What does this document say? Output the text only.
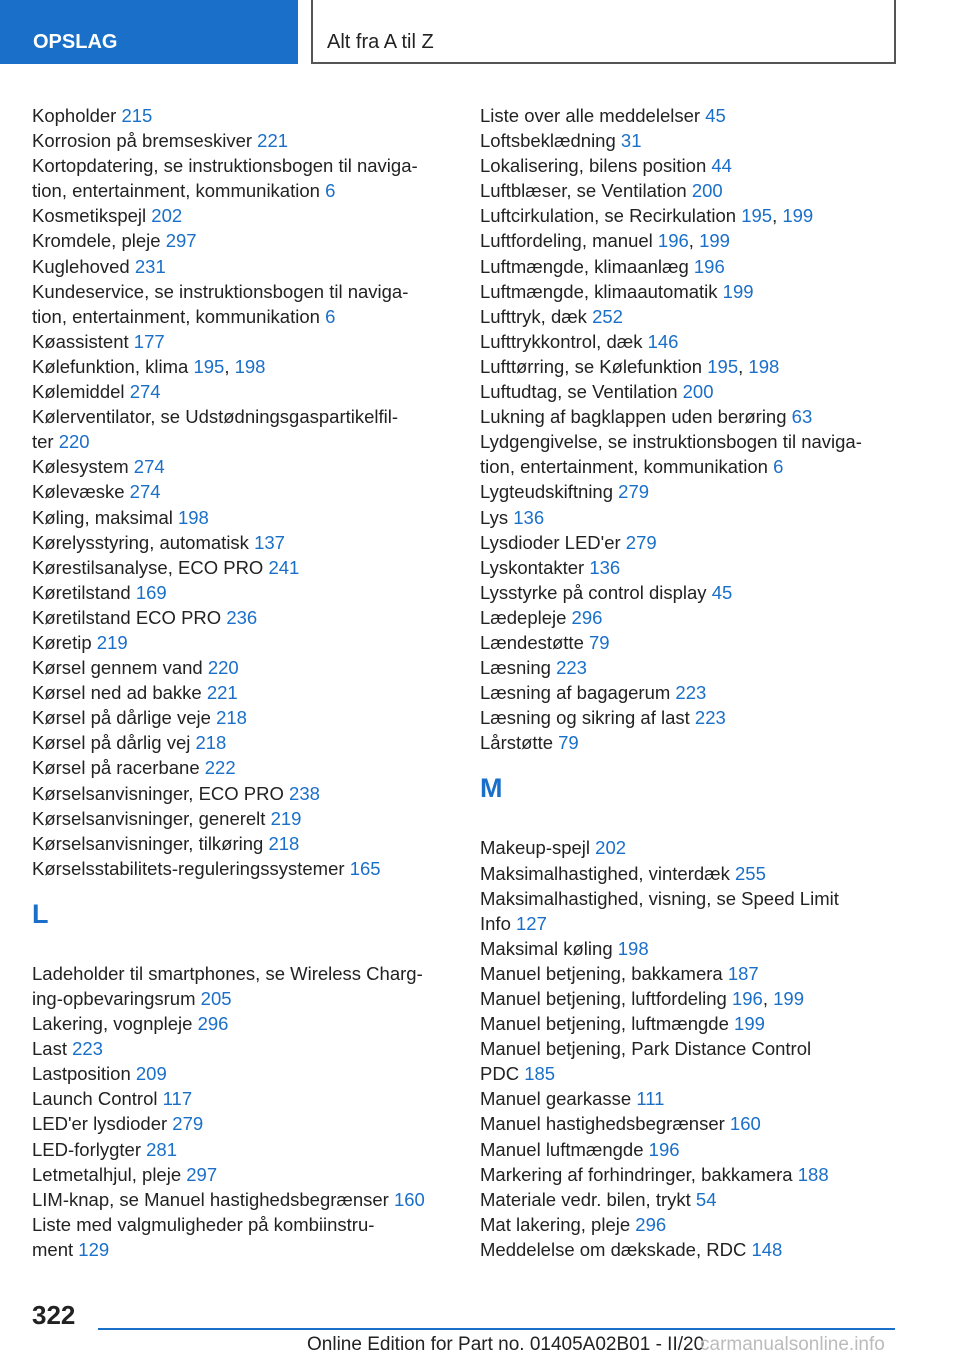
OPSLAG	Alt fra A til Z
Kopholder 215
Korrosion på bremseskiver 221
Kortopdatering, se instruktionsbogen til naviga-
tion, entertainment, kommunikation 6
Kosmetikspejl 202
Kromdele, pleje 297
Kuglehoved 231
Kundeservice, se instruktionsbogen til naviga-
tion, entertainment, kommunikation 6
Køassistent 177
Kølefunktion, klima 195, 198
Kølemiddel 274
Kølerventilator, se Udstødningsgaspartikelfil-
ter 220
Kølesystem 274
Kølevæske 274
Køling, maksimal 198
Kørelysstyring, automatisk 137
Kørestilsanalyse, ECO PRO 241
Køretilstand 169
Køretilstand ECO PRO 236
Køretip 219
Kørsel gennem vand 220
Kørsel ned ad bakke 221
Kørsel på dårlige veje 218
Kørsel på dårlig vej 218
Kørsel på racerbane 222
Kørselsanvisninger, ECO PRO 238
Kørselsanvisninger, generelt 219
Kørselsanvisninger, tilkøring 218
Kørselsstabilitets-reguleringssystemer 165
L
Ladeholder til smartphones, se Wireless Charg-
ing-opbevaringsrum 205
Lakering, vognpleje 296
Last 223
Lastposition 209
Launch Control 117
LED'er lysdioder 279
LED-forlygter 281
Letmetalhjul, pleje 297
LIM-knap, se Manuel hastighedsbegrænser 160
Liste med valgmuligheder på kombiinstru-
ment 129
Liste over alle meddelelser 45
Loftsbeklædning 31
Lokalisering, bilens position 44
Luftblæser, se Ventilation 200
Luftcirkulation, se Recirkulation 195, 199
Luftfordeling, manuel 196, 199
Luftmængde, klimaanlæg 196
Luftmængde, klimaautomatik 199
Lufttryk, dæk 252
Lufttrykkontrol, dæk 146
Lufttørring, se Kølefunktion 195, 198
Luftudtag, se Ventilation 200
Lukning af bagklappen uden berøring 63
Lydgengivelse, se instruktionsbogen til naviga-
tion, entertainment, kommunikation 6
Lygteudskiftning 279
Lys 136
Lysdioder LED'er 279
Lyskontakter 136
Lysstyrke på control display 45
Lædepleje 296
Lændestøtte 79
Læsning 223
Læsning af bagagerum 223
Læsning og sikring af last 223
Lårstøtte 79
M
Makeup-spejl 202
Maksimalhastighed, vinterdæk 255
Maksimalhastighed, visning, se Speed Limit
Info 127
Maksimal køling 198
Manuel betjening, bakkamera 187
Manuel betjening, luftfordeling 196, 199
Manuel betjening, luftmængde 199
Manuel betjening, Park Distance Control
PDC 185
Manuel gearkasse 111
Manuel hastighedsbegrænser 160
Manuel luftmængde 196
Markering af forhindringer, bakkamera 188
Materiale vedr. bilen, trykt 54
Mat lakering, pleje 296
Meddelelse om dækskade, RDC 148
322
Online Edition for Part no. 01405A02B01 - II/20
carmanualsonline.info
